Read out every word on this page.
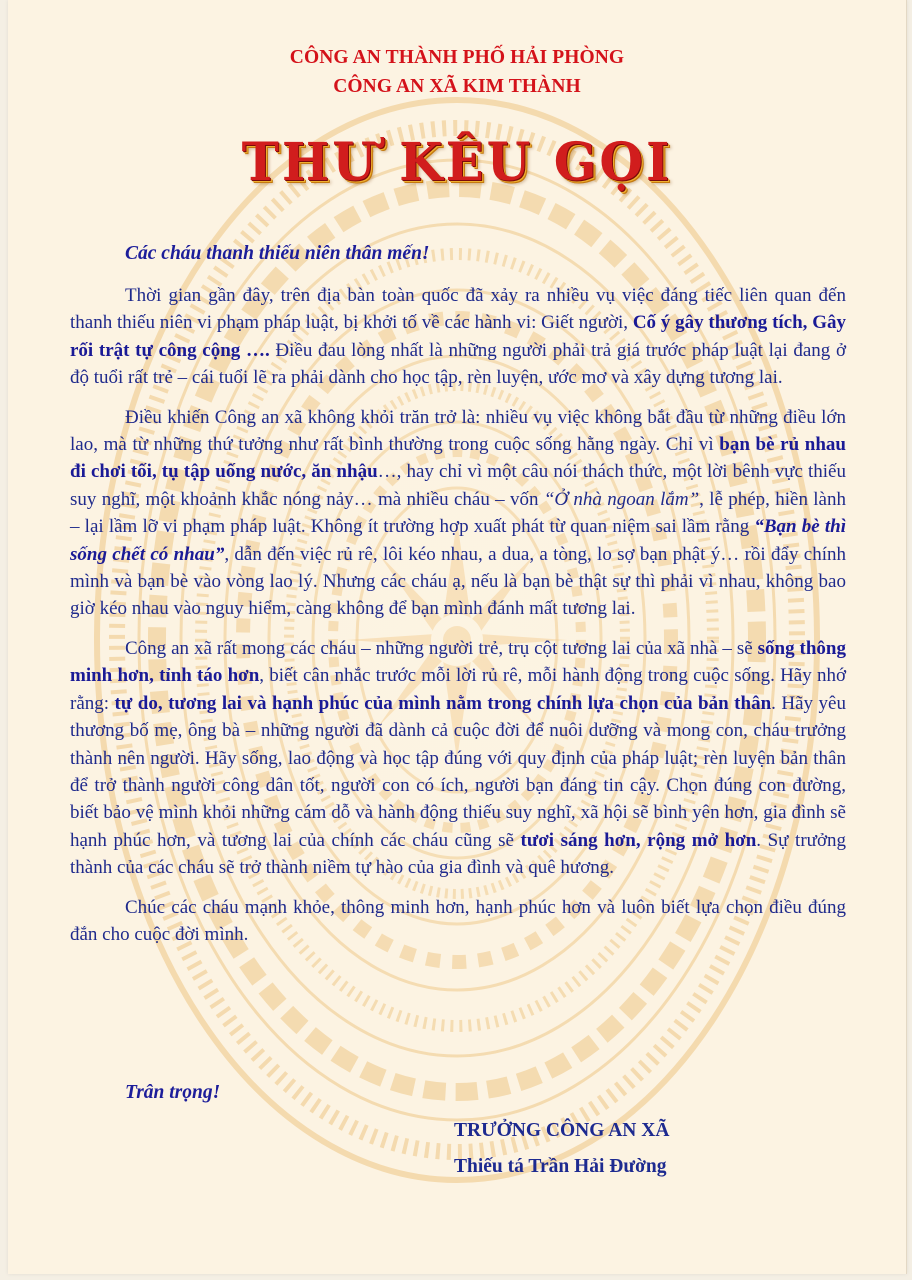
CÔNG AN THÀNH PHỐ HẢI PHÒNG
CÔNG AN XÃ KIM THÀNH
THƯ KÊU GỌI
Các cháu thanh thiếu niên thân mến!

Thời gian gần đây, trên địa bàn toàn quốc đã xảy ra nhiều vụ việc đáng tiếc liên quan đến thanh thiếu niên vi phạm pháp luật, bị khởi tố về các hành vi: Giết người, Cố ý gây thương tích, Gây rối trật tự công cộng …. Điều đau lòng nhất là những người phải trả giá trước pháp luật lại đang ở độ tuổi rất trẻ – cái tuổi lẽ ra phải dành cho học tập, rèn luyện, ước mơ và xây dựng tương lai.

Điều khiến Công an xã không khỏi trăn trở là: nhiều vụ việc không bắt đầu từ những điều lớn lao, mà từ những thứ tưởng như rất bình thường trong cuộc sống hằng ngày. Chỉ vì bạn bè rủ nhau đi chơi tối, tụ tập uống nước, ăn nhậu…, hay chỉ vì một câu nói thách thức, một lời bênh vực thiếu suy nghĩ, một khoảnh khắc nóng nảy… mà nhiều cháu – vốn “Ở nhà ngoan lắm”, lễ phép, hiền lành – lại lầm lỡ vi phạm pháp luật. Không ít trường hợp xuất phát từ quan niệm sai lầm rằng “Bạn bè thì sống chết có nhau”, dẫn đến việc rủ rê, lôi kéo nhau, a dua, a tòng, lo sợ bạn phật ý… rồi đẩy chính mình và bạn bè vào vòng lao lý. Nhưng các cháu ạ, nếu là bạn bè thật sự thì phải vì nhau, không bao giờ kéo nhau vào nguy hiểm, càng không để bạn mình đánh mất tương lai.

Công an xã rất mong các cháu – những người trẻ, trụ cột tương lai của xã nhà – sẽ sống thông minh hơn, tỉnh táo hơn, biết cân nhắc trước mỗi lời rủ rê, mỗi hành động trong cuộc sống. Hãy nhớ rằng: tự do, tương lai và hạnh phúc của mình nằm trong chính lựa chọn của bản thân. Hãy yêu thương bố mẹ, ông bà – những người đã dành cả cuộc đời để nuôi dưỡng và mong con, cháu trưởng thành nên người. Hãy sống, lao động và học tập đúng với quy định của pháp luật; rèn luyện bản thân để trở thành người công dân tốt, người con có ích, người bạn đáng tin cậy. Chọn đúng con đường, biết bảo vệ mình khỏi những cám dỗ và hành động thiếu suy nghĩ, xã hội sẽ bình yên hơn, gia đình sẽ hạnh phúc hơn, và tương lai của chính các cháu cũng sẽ tươi sáng hơn, rộng mở hơn. Sự trưởng thành của các cháu sẽ trở thành niềm tự hào của gia đình và quê hương.

Chúc các cháu mạnh khỏe, thông minh hơn, hạnh phúc hơn và luôn biết lựa chọn điều đúng đắn cho cuộc đời mình.

Trân trọng!
TRƯỞNG CÔNG AN XÃ
Thiếu tá Trần Hải Đường
